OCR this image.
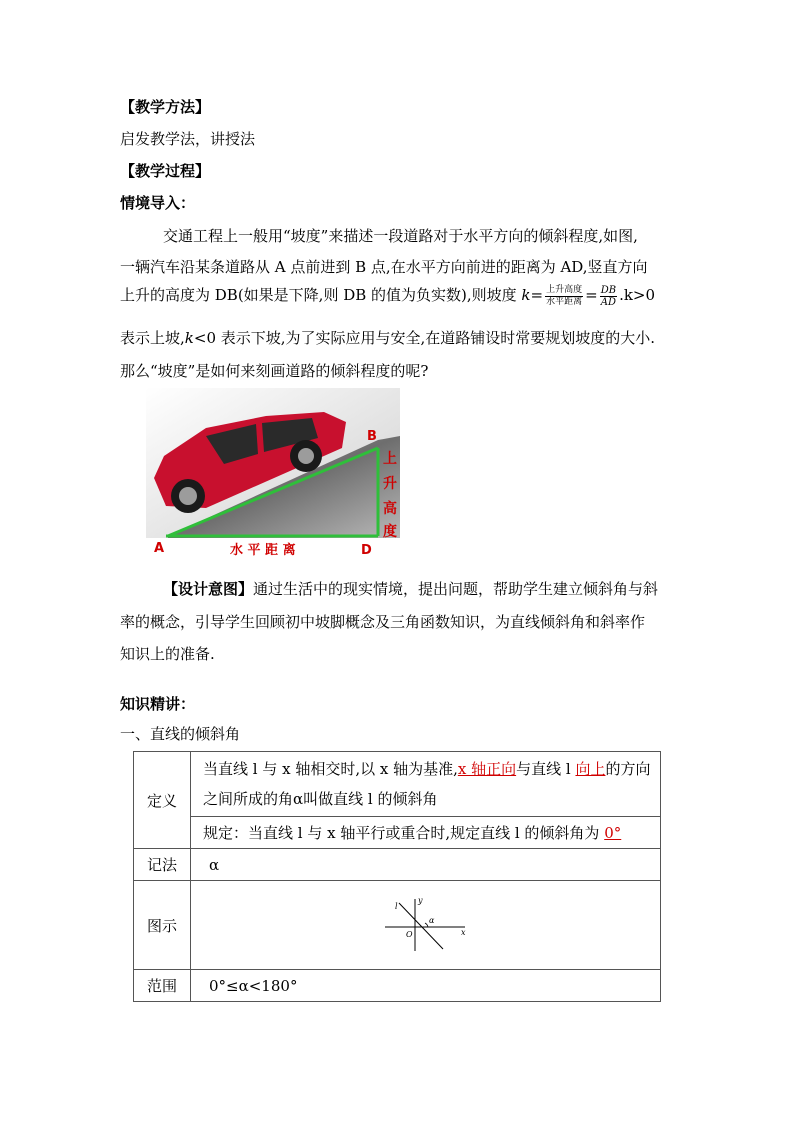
【教学方法】
启发教学法，讲授法
【教学过程】
情境导入：
交通工程上一般用“坡度”来描述一段道路对于水平方向的倾斜程度,如图,
一辆汽车沿某条道路从 A 点前进到 B 点,在水平方向前进的距离为 AD,竖直方向
上升的高度为 DB(如果是下降,则 DB 的值为负实数),则坡度 $k= \frac{\text{上升高度}}{\text{水平距离}} = \frac{DB}{AD} .k>0$
表示上坡,k<0 表示下坡,为了实际应用与安全,在道路铺设时常要规划坡度的大小.
那么“坡度”是如何来刻画道路的倾斜程度的呢?
B
A	D
水 平 距 离
上
升
高
度
【设计意图】通过生活中的现实情境，提出问题，帮助学生建立倾斜角与斜
率的概念，引导学生回顾初中坡脚概念及三角函数知识，为直线倾斜角和斜率作
知识上的准备.
知识精讲：
一、直线的倾斜角
定义	当直线 l 与 x 轴相交时,以 x 轴为基准,x 轴正向与直线 l 向上的方向
之间所成的角α叫做直线 l 的倾斜角

	规定：当直线 l 与 x 轴平行或重合时,规定直线 l 的倾斜角为 0°
记法	α
图示	y
x
O
α
l

范围	0°≤α<180°
